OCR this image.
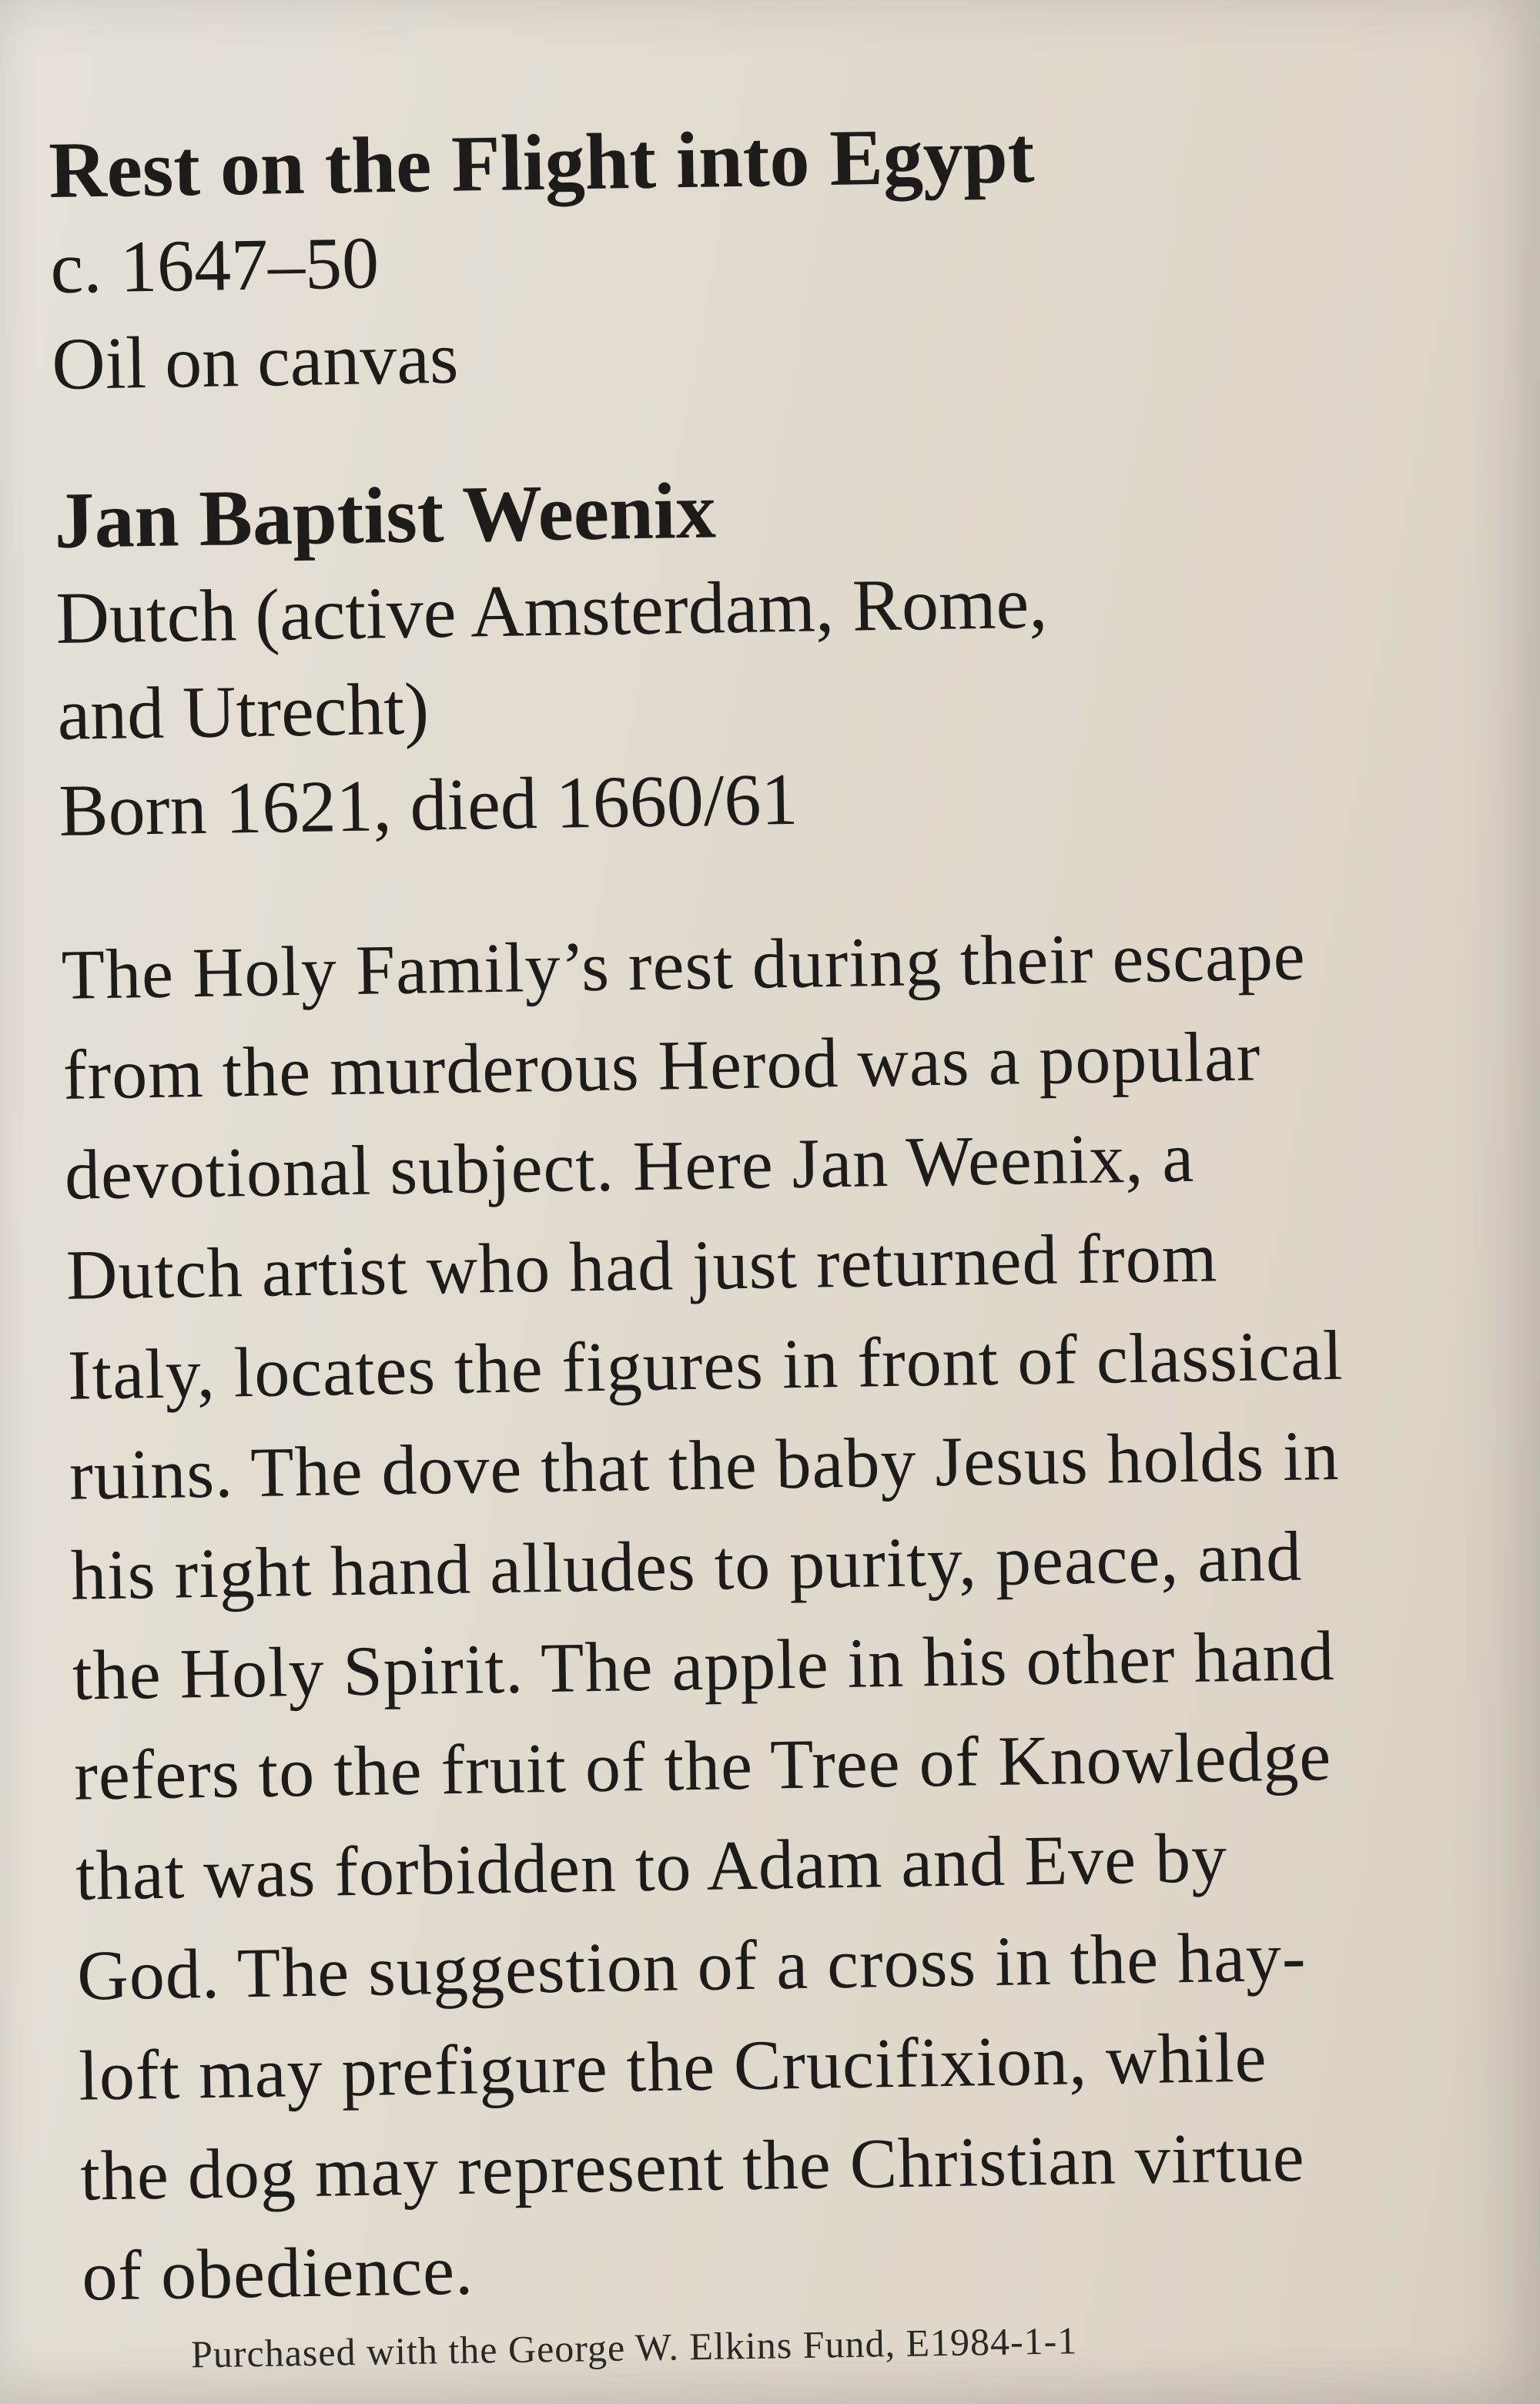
Rest on the Flight into Egypt
c. 1647–50
Oil on canvas
Jan Baptist Weenix
Dutch (active Amsterdam, Rome,
and Utrecht)
Born 1621, died 1660/61
The Holy Family’s rest during their escape
from the murderous Herod was a popular
devotional subject. Here Jan Weenix, a
Dutch artist who had just returned from
Italy, locates the figures in front of classical
ruins. The dove that the baby Jesus holds in
his right hand alludes to purity, peace, and
the Holy Spirit. The apple in his other hand
refers to the fruit of the Tree of Knowledge
that was forbidden to Adam and Eve by
God. The suggestion of a cross in the hay-
loft may prefigure the Crucifixion, while
the dog may represent the Christian virtue
of obedience.
Purchased with the George W. Elkins Fund, E1984-1-1
